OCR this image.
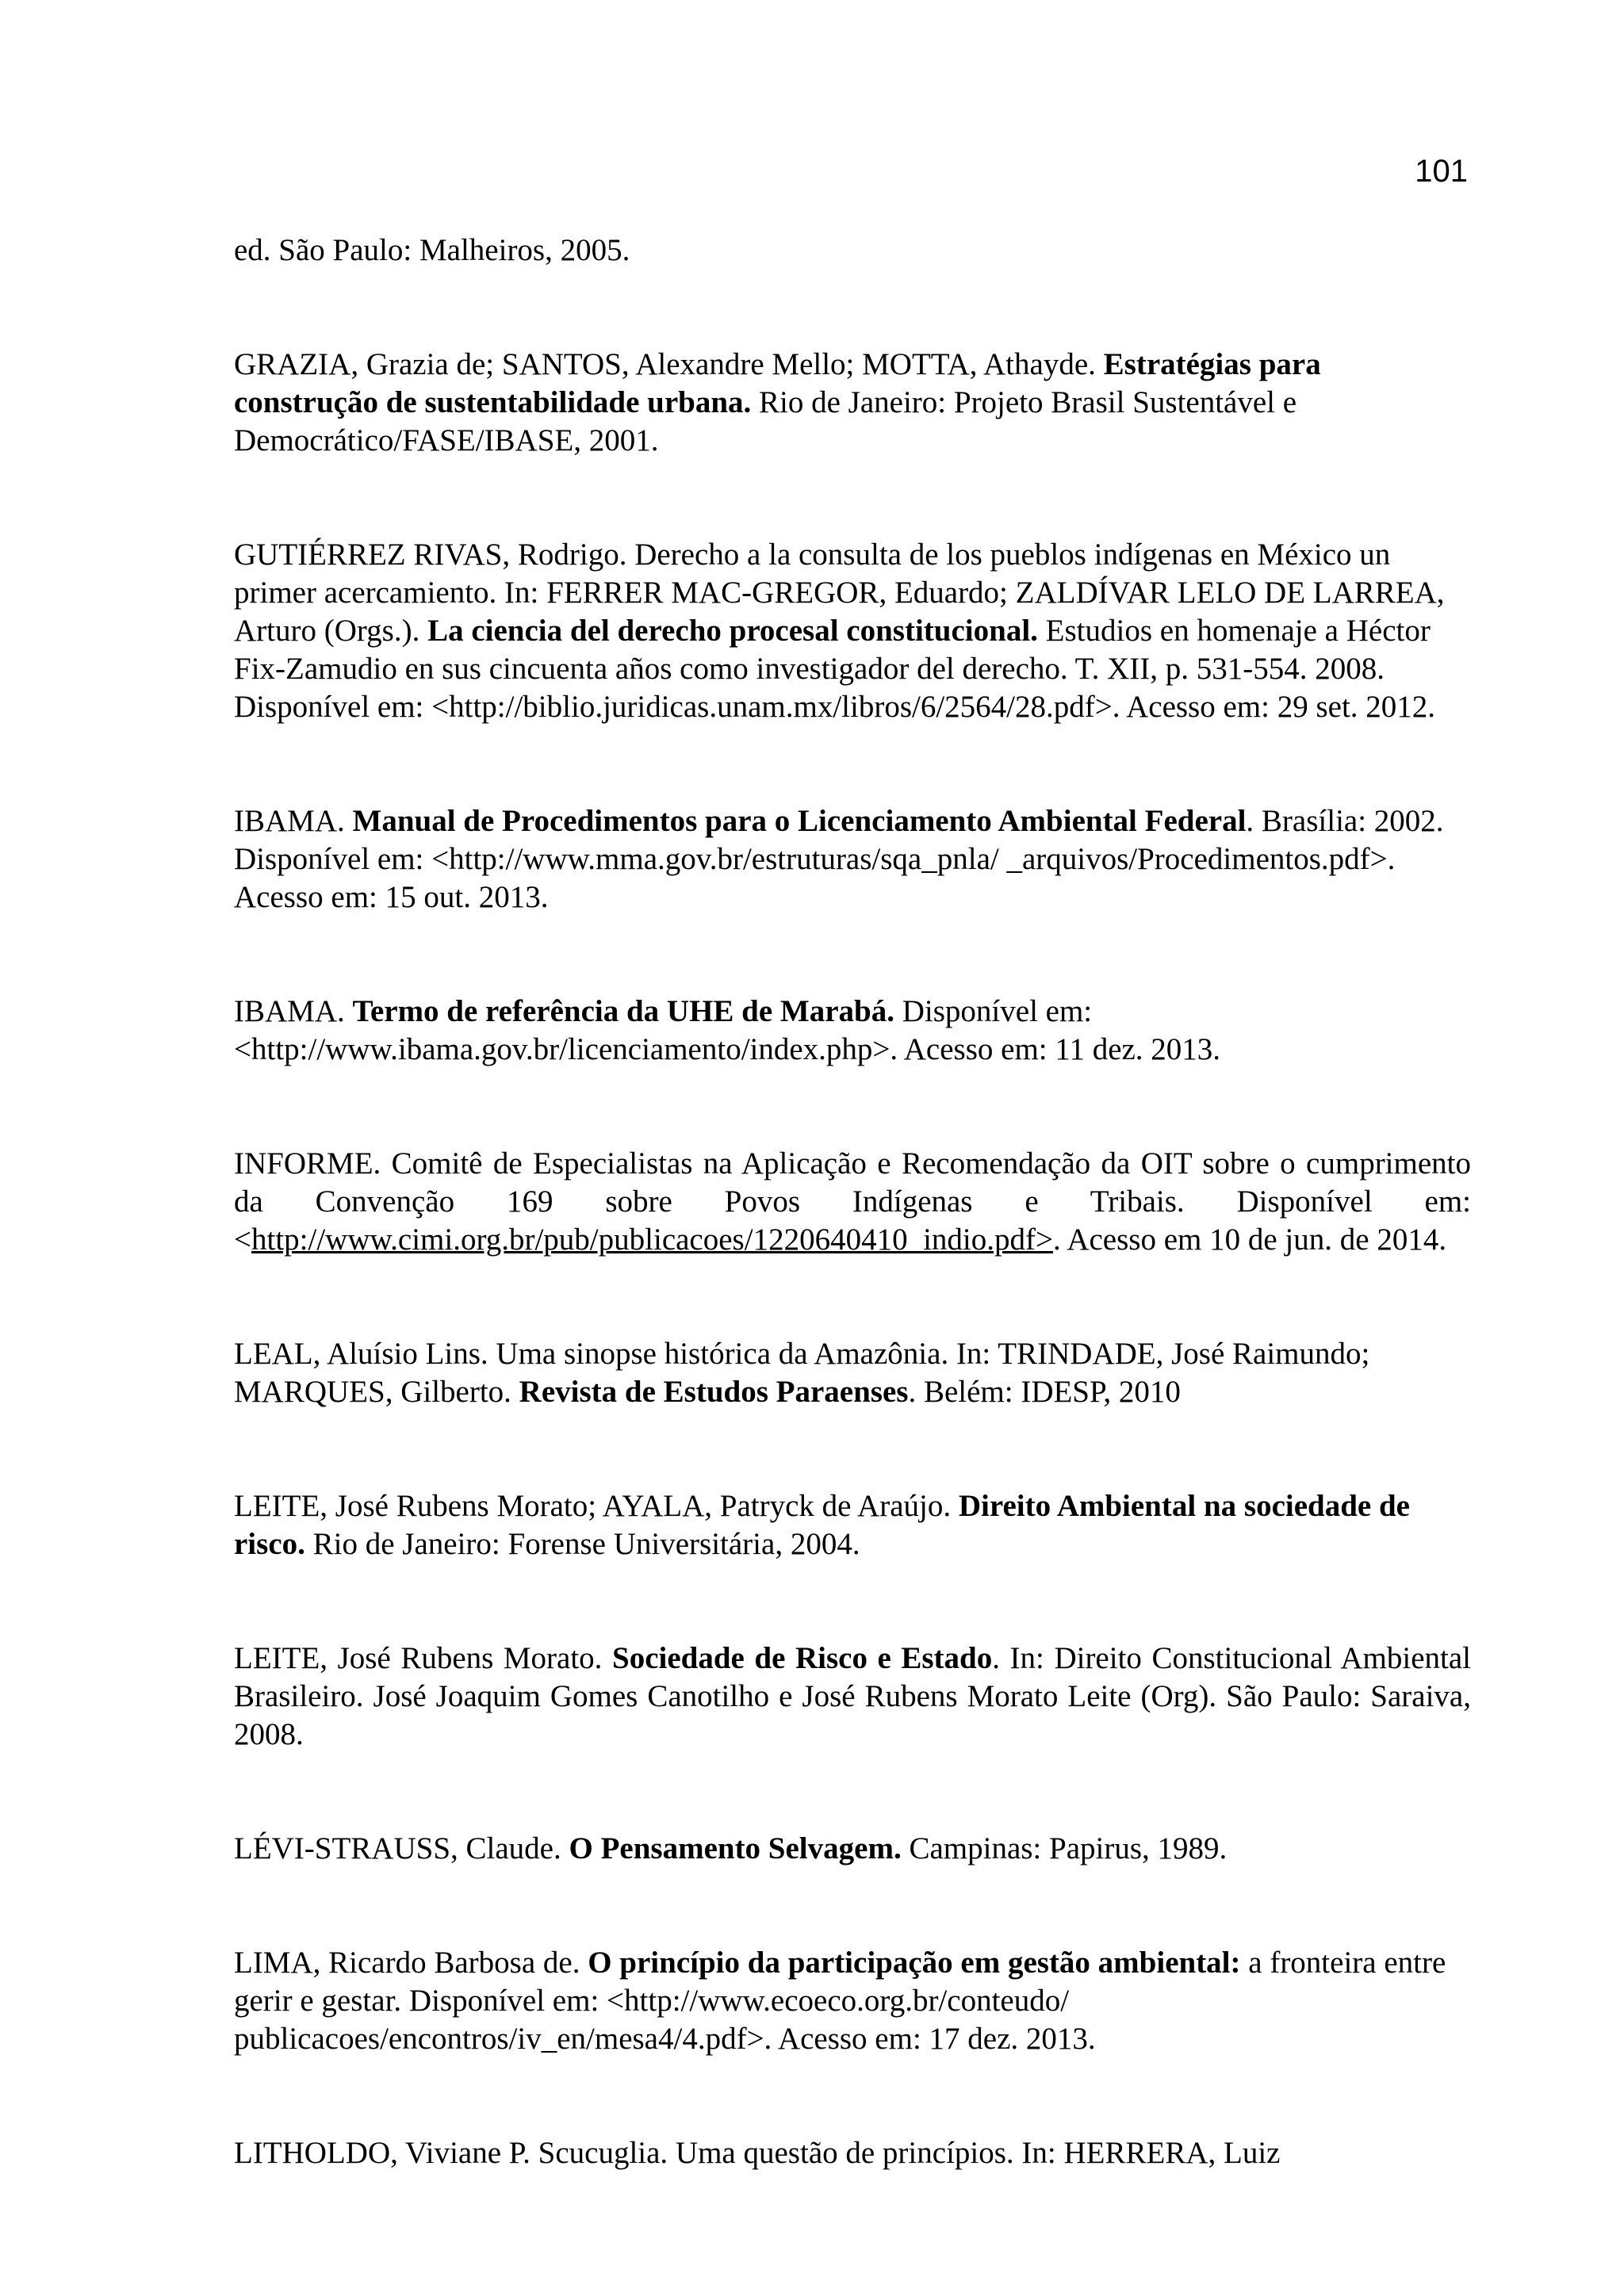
101

ed. São Paulo: Malheiros, 2005.

GRAZIA, Grazia de; SANTOS, Alexandre Mello; MOTTA, Athayde. Estratégias para construção de sustentabilidade urbana. Rio de Janeiro: Projeto Brasil Sustentável e Democrático/FASE/IBASE, 2001.

GUTIÉRREZ RIVAS, Rodrigo. Derecho a la consulta de los pueblos indígenas en México un primer acercamiento. In: FERRER MAC-GREGOR, Eduardo; ZALDÍVAR LELO DE LARREA, Arturo (Orgs.). La ciencia del derecho procesal constitucional. Estudios en homenaje a Héctor Fix-Zamudio en sus cincuenta años como investigador del derecho. T. XII, p. 531-554. 2008. Disponível em: <http://biblio.juridicas.unam.mx/libros/6/2564/28.pdf>. Acesso em: 29 set. 2012.

IBAMA. Manual de Procedimentos para o Licenciamento Ambiental Federal. Brasília: 2002. Disponível em: <http://www.mma.gov.br/estruturas/sqa_pnla/ _arquivos/Procedimentos.pdf>. Acesso em: 15 out. 2013.

IBAMA. Termo de referência da UHE de Marabá. Disponível em: <http://www.ibama.gov.br/licenciamento/index.php>. Acesso em: 11 dez. 2013.

INFORME. Comitê de Especialistas na Aplicação e Recomendação da OIT sobre o cumprimento da Convenção 169 sobre Povos Indígenas e Tribais. Disponível em:<http://www.cimi.org.br/pub/publicacoes/1220640410_indio.pdf>. Acesso em 10 de jun. de 2014.

LEAL, Aluísio Lins. Uma sinopse histórica da Amazônia. In: TRINDADE, José Raimundo; MARQUES, Gilberto. Revista de Estudos Paraenses. Belém: IDESP, 2010

LEITE, José Rubens Morato; AYALA, Patryck de Araújo. Direito Ambiental na sociedade de risco. Rio de Janeiro: Forense Universitária, 2004.

LEITE, José Rubens Morato. Sociedade de Risco e Estado. In: Direito Constitucional Ambiental Brasileiro. José Joaquim Gomes Canotilho e José Rubens Morato Leite (Org). São Paulo: Saraiva, 2008.

LÉVI-STRAUSS, Claude. O Pensamento Selvagem. Campinas: Papirus, 1989.

LIMA, Ricardo Barbosa de. O princípio da participação em gestão ambiental: a fronteira entre gerir e gestar. Disponível em: <http://www.ecoeco.org.br/conteudo/ publicacoes/encontros/iv_en/mesa4/4.pdf>. Acesso em: 17 dez. 2013.

LITHOLDO, Viviane P. Scucuglia. Uma questão de princípios. In: HERRERA, Luiz
